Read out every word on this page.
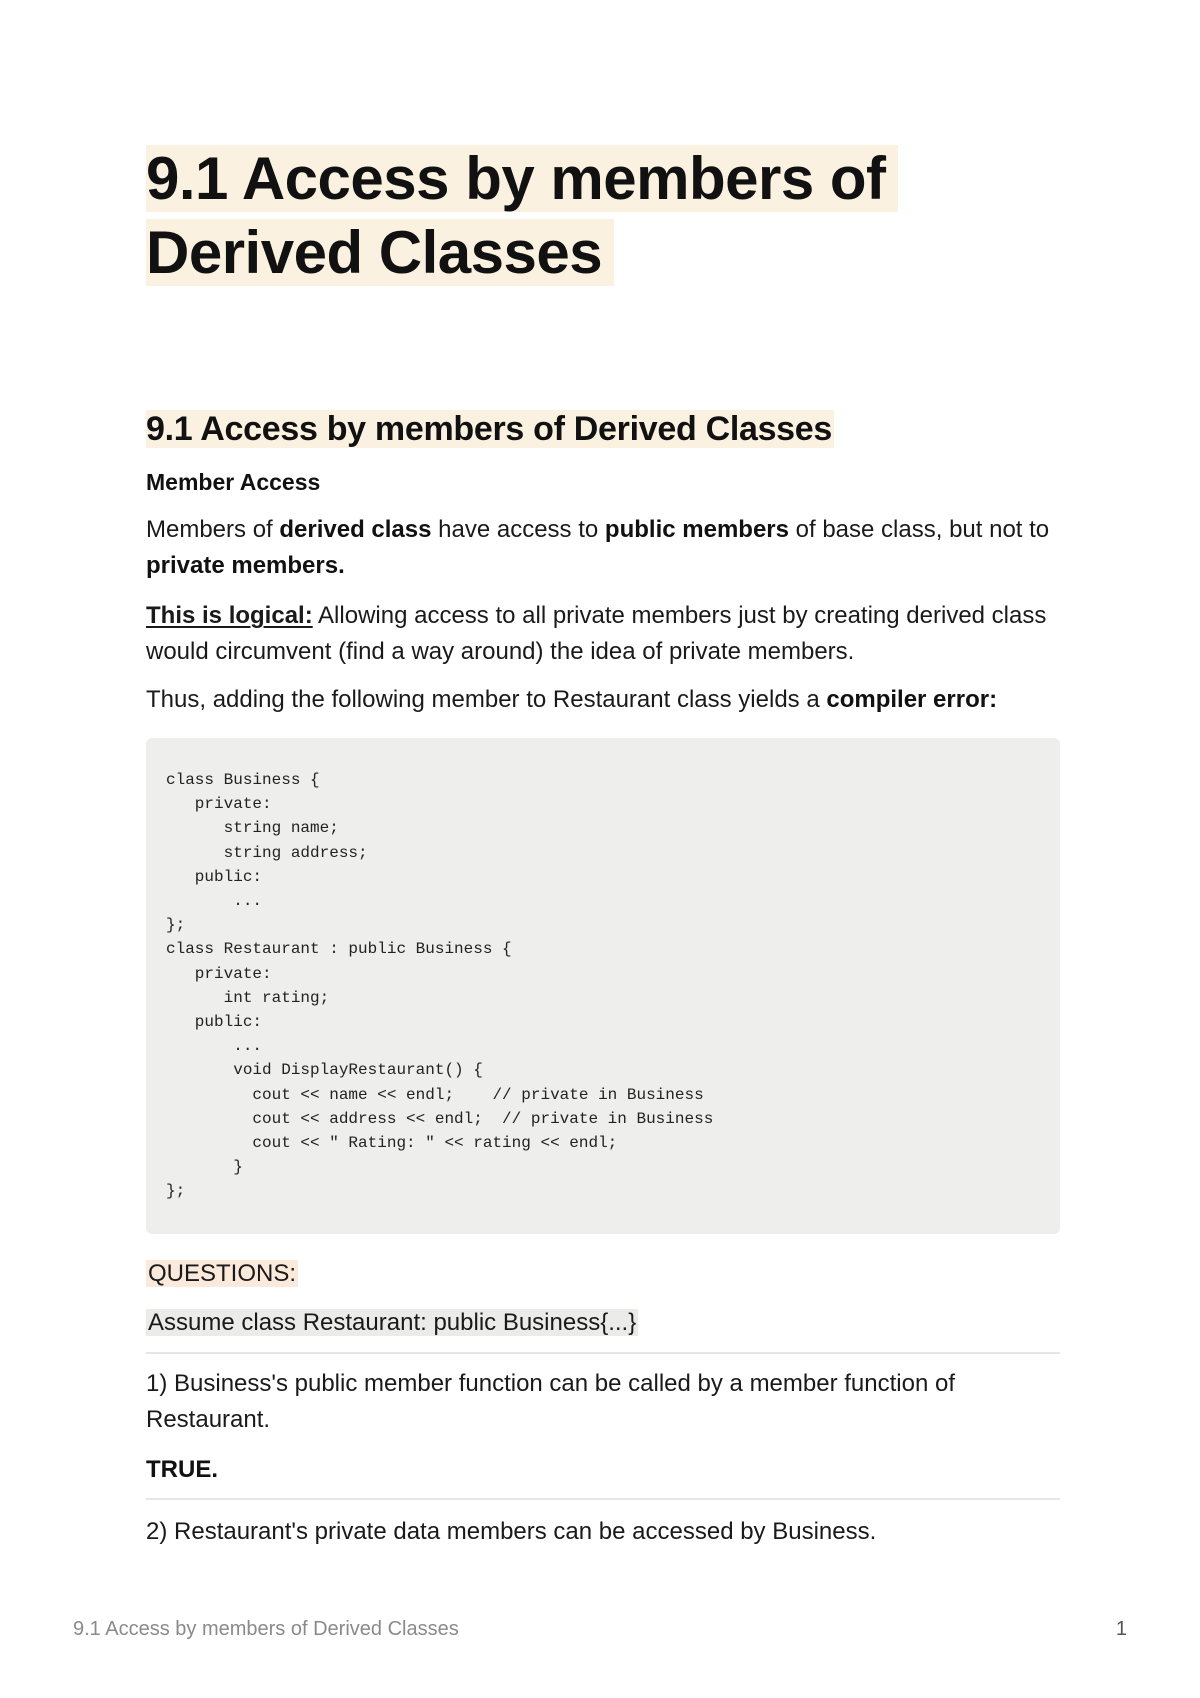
9.1 Access by members of
Derived Classes
9.1 Access by members of Derived Classes
Member Access

Members of derived class have access to public members of base class, but not to private members.

This is logical: Allowing access to all private members just by creating derived class would circumvent (find a way around) the idea of private members.

Thus, adding the following member to Restaurant class yields a compiler error:

class Business {
private:
string name;
string address;
public:
...
};
class Restaurant : public Business {
private:
int rating;
public:
...
void DisplayRestaurant() {
cout << name << endl;    // private in Business
cout << address << endl;  // private in Business
cout << " Rating: " << rating << endl;
}
};

QUESTIONS:

Assume class Restaurant: public Business{...}

1) Business's public member function can be called by a member function of Restaurant.

TRUE.

2) Restaurant's private data members can be accessed by Business.

9.1 Access by members of Derived Classes	1
